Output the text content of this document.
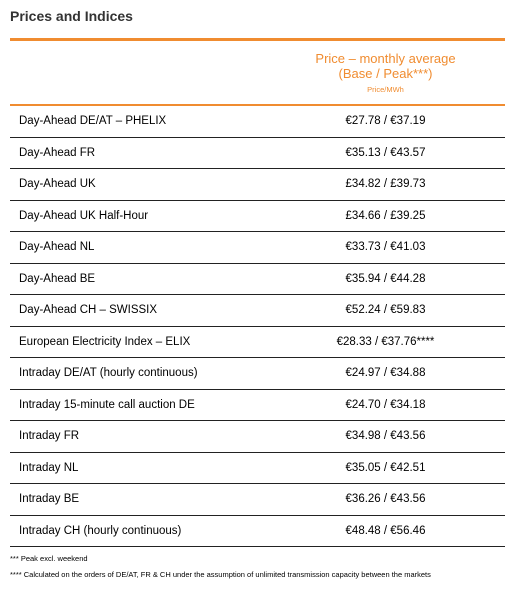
Prices and Indices
Price – monthly average
(Base / Peak***)
Price/MWh
Day-Ahead DE/AT – PHELIX	€27.78 / €37.19
Day-Ahead FR	€35.13 / €43.57
Day-Ahead UK	£34.82 / £39.73
Day-Ahead UK Half-Hour	£34.66 / £39.25
Day-Ahead NL	€33.73 / €41.03
Day-Ahead BE	€35.94 / €44.28
Day-Ahead CH – SWISSIX	€52.24 / €59.83
European Electricity Index – ELIX	€28.33 / €37.76****
Intraday DE/AT (hourly continuous)	€24.97 / €34.88
Intraday 15-minute call auction DE	€24.70 / €34.18
Intraday FR	€34.98 / €43.56
Intraday NL	€35.05 / €42.51
Intraday BE	€36.26 / €43.56
Intraday CH (hourly continuous)	€48.48 / €56.46
*** Peak excl. weekend
**** Calculated on the orders of DE/AT, FR & CH under the assumption of unlimited transmission capacity between the markets
